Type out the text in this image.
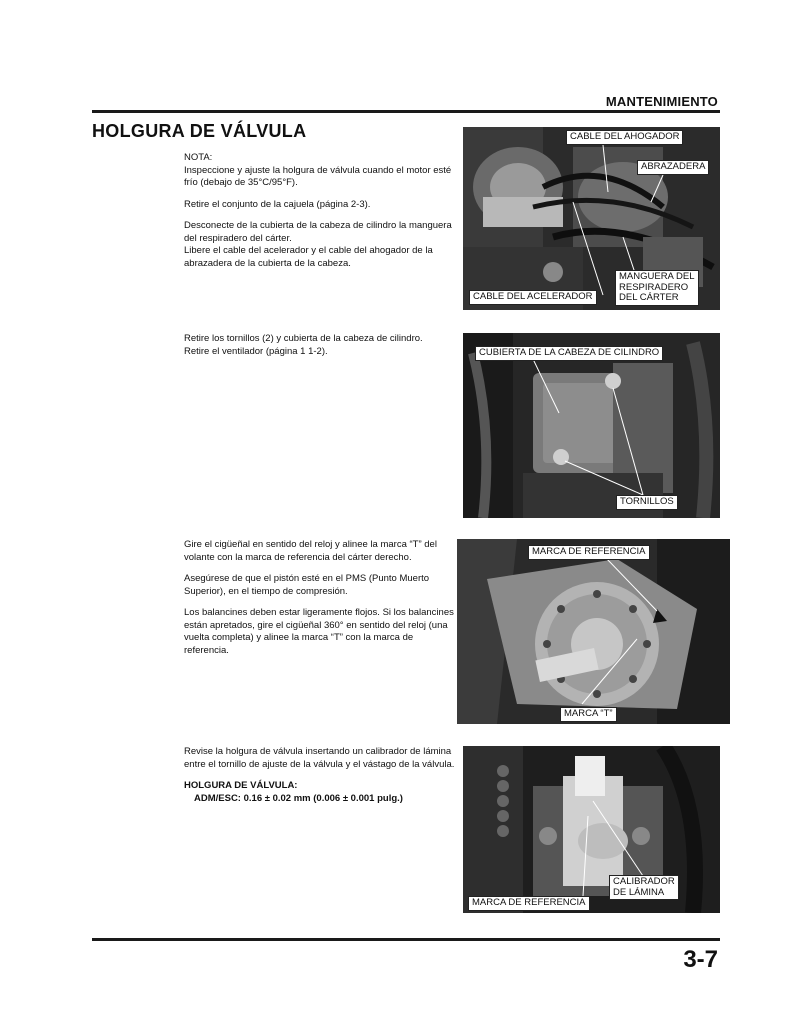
MANTENIMIENTO
HOLGURA DE VÁLVULA

NOTA:

Inspeccione y ajuste la holgura de válvula cuando el motor esté frío (debajo de 35°C/95°F).

Retire el conjunto de la cajuela (página 2-3).

Desconecte de la cubierta de la cabeza de cilindro la manguera del respiradero del cárter.

Libere el cable del acelerador y el cable del ahogador de la abrazadera de la cubierta de la cabeza.

CABLE DEL AHOGADOR
ABRAZADERA
MANGUERA DEL
RESPIRADERO
DEL CÁRTER
CABLE DEL ACELERADOR

Retire los tornillos (2) y cubierta de la cabeza de cilindro.

Retire el ventilador (página 1 1-2).	CUBIERTA DE LA CABEZA DE CILINDRO
TORNILLOS

Gire el cigüeñal en sentido del reloj y alinee la marca “T” del volante con la marca de referencia del cárter derecho.

Asegúrese de que el pistón esté en el PMS (Punto Muerto Superior), en el tiempo de compresión.

Los balancines deben estar ligeramente flojos. Si los balancines están apretados, gire el cigüeñal 360° en sentido del reloj (una vuelta completa) y alinee la marca “T” con la marca de referencia.

MARCA DE REFERENCIA
MARCA “T”

Revise la holgura de válvula insertando un calibrador de lámina entre el tornillo de ajuste de la válvula y el vástago de la válvula.

HOLGURA DE VÁLVULA:

ADM/ESC: 0.16 ± 0.02 mm (0.006 ± 0.001 pulg.)

CALIBRADOR
DE LÁMINA
MARCA DE REFERENCIA
3-7
